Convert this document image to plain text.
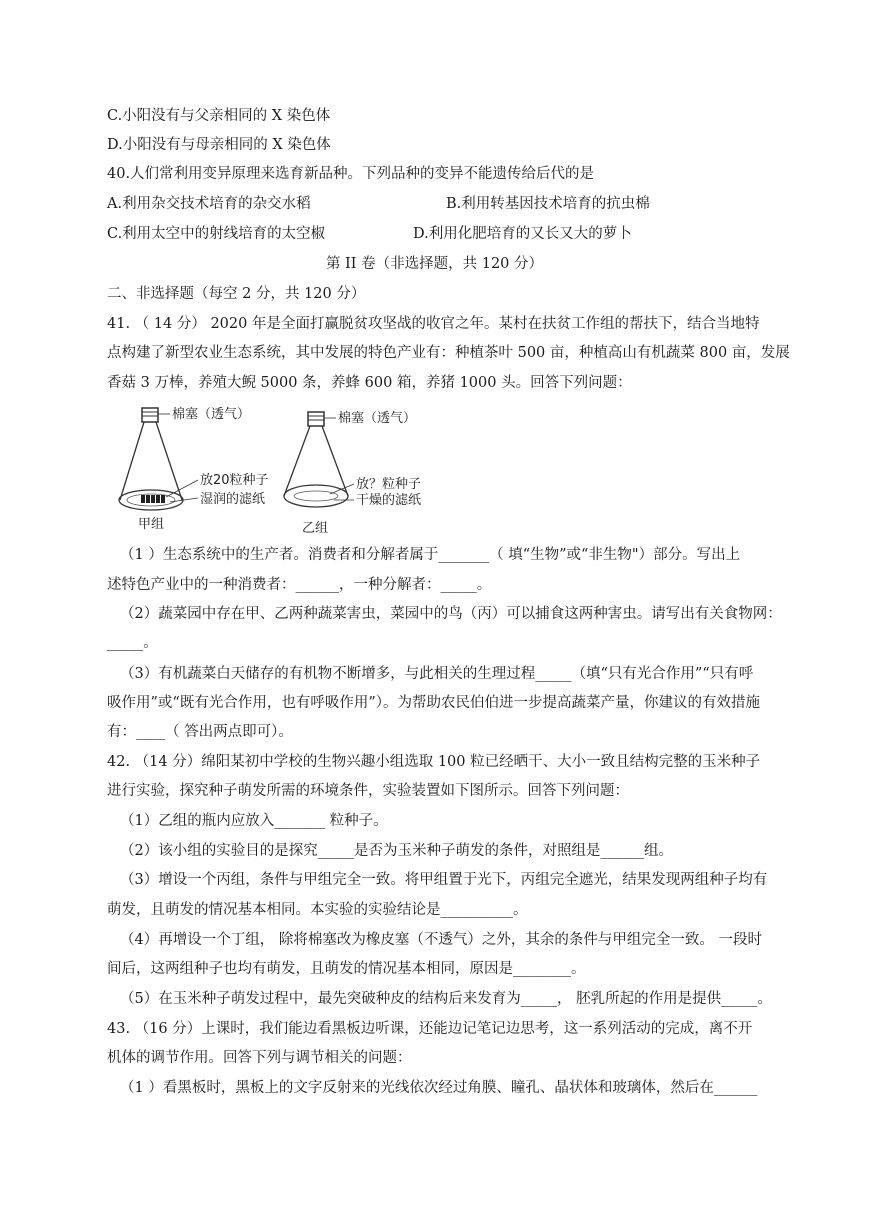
C.小阳没有与父亲相同的 X 染色体
D.小阳没有与母亲相同的 X 染色体
40.人们常利用变异原理来选育新品种。下列品种的变异不能遗传给后代的是
A.利用杂交技术培育的杂交水稻	B.利用转基因技术培育的抗虫棉
C.利用太空中的射线培育的太空椒	D.利用化肥培育的又长又大的萝卜
第 II 卷（非选择题，共 120 分）
二、非选择题（每空 2 分，共 120 分）
41. （ 14 分） 2020 年是全面打赢脱贫攻坚战的收官之年。某村在扶贫工作组的帮扶下，结合当地特
点构建了新型农业生态系统，其中发展的特色产业有：种植茶叶 500 亩，种植高山有机蔬菜 800 亩，发展
香菇 3 万棒，养殖大鲵 5000 条，养蜂 600 箱，养猪 1000 头。回答下列问题：
棉塞（透气）
放20粒种子
湿润的滤纸
甲组
棉塞（透气）
放？粒种子
干燥的滤纸
乙组
（1 ）生态系统中的生产者。消费者和分解者属于_______（ 填“生物”或“非生物"）部分。写出上
述特色产业中的一种消费者：______，一种分解者：_____。
（2）蔬菜园中存在甲、乙两种蔬菜害虫，菜园中的鸟（丙）可以捕食这两种害虫。请写出有关食物网：
_____。
（3）有机蔬菜白天储存的有机物不断增多，与此相关的生理过程_____（填“只有光合作用”“只有呼
吸作用”或“既有光合作用，也有呼吸作用”）。为帮助农民伯伯进一步提高蔬菜产量，你建议的有效措施
有：____（ 答出两点即可）。
42. （14 分）绵阳某初中学校的生物兴趣小组选取 100 粒已经晒干、大小一致且结构完整的玉米种子
进行实验，探究种子萌发所需的环境条件，实验装置如下图所示。回答下列问题：
（1）乙组的瓶内应放入_______ 粒种子。
（2）该小组的实验目的是探究_____是否为玉米种子萌发的条件，对照组是______组。
（3）增设一个丙组，条件与甲组完全一致。将甲组置于光下，丙组完全遮光，结果发现两组种子均有
萌发，且萌发的情况基本相同。本实验的实验结论是__________。
（4）再增设一个丁组， 除将棉塞改为橡皮塞（不透气）之外，其余的条件与甲组完全一致。 一段时
间后，这两组种子也均有萌发，且萌发的情况基本相同，原因是________。
（5）在玉米种子萌发过程中，最先突破种皮的结构后来发育为_____， 胚乳所起的作用是提供_____。
43. （16 分）上课时，我们能边看黑板边听课，还能边记笔记边思考，这一系列活动的完成，离不开
机体的调节作用。回答下列与调节相关的问题：
（1 ）看黑板时，黑板上的文字反射来的光线依次经过角膜、瞳孔、晶状体和玻璃体，然后在______
